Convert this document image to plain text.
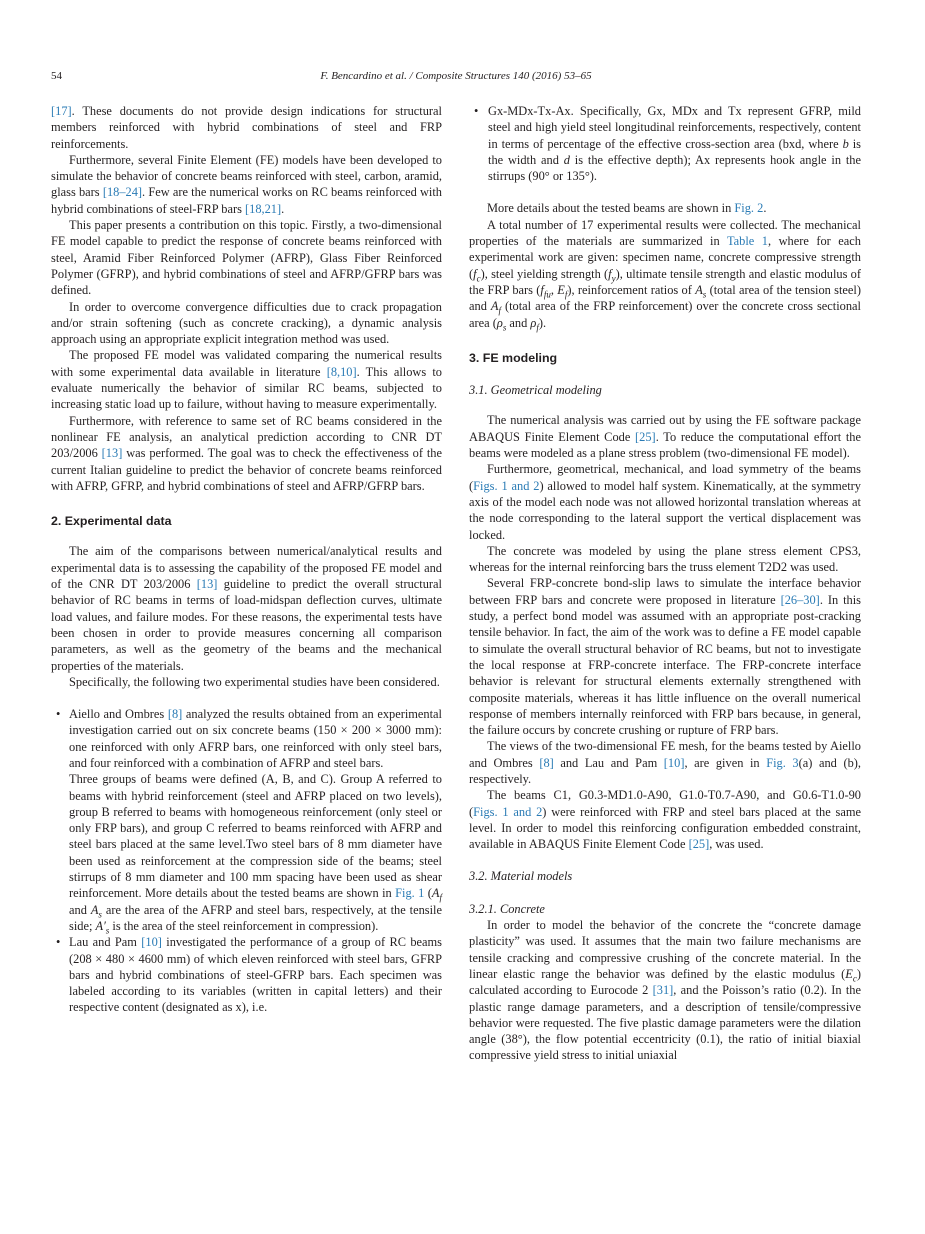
54	F. Bencardino et al. / Composite Structures 140 (2016) 53–65

[17]. These documents do not provide design indications for structural members reinforced with hybrid combinations of steel and FRP reinforcements.

Furthermore, several Finite Element (FE) models have been developed to simulate the behavior of concrete beams reinforced with steel, carbon, aramid, glass bars [18–24]. Few are the numerical works on RC beams reinforced with hybrid combinations of steel-FRP bars [18,21].

This paper presents a contribution on this topic. Firstly, a two-dimensional FE model capable to predict the response of concrete beams reinforced with steel, Aramid Fiber Reinforced Polymer (AFRP), Glass Fiber Reinforced Polymer (GFRP), and hybrid combinations of steel and AFRP/GFRP bars was defined.

In order to overcome convergence difficulties due to crack propagation and/or strain softening (such as concrete cracking), a dynamic analysis approach using an appropriate explicit integration method was used.

The proposed FE model was validated comparing the numerical results with some experimental data available in literature [8,10]. This allows to evaluate numerically the behavior of similar RC beams, subjected to increasing static load up to failure, without having to measure experimentally.

Furthermore, with reference to same set of RC beams considered in the nonlinear FE analysis, an analytical prediction according to CNR DT 203/2006 [13] was performed. The goal was to check the effectiveness of the current Italian guideline to predict the behavior of concrete beams reinforced with AFRP, GFRP, and hybrid combinations of steel and AFRP/GFRP bars.

2. Experimental data

The aim of the comparisons between numerical/analytical results and experimental data is to assessing the capability of the proposed FE model and of the CNR DT 203/2006 [13] guideline to predict the overall structural behavior of RC beams in terms of load-midspan deflection curves, ultimate load values, and failure modes. For these reasons, the experimental tests have been chosen in order to provide measures concerning all comparison parameters, as well as the geometry of the beams and the mechanical properties of the materials.

Specifically, the following two experimental studies have been considered.

• Aiello and Ombres [8] analyzed the results obtained from an experimental investigation carried out on six concrete beams (150 × 200 × 3000 mm): one reinforced with only AFRP bars, one reinforced with only steel bars, and four reinforced with a combination of AFRP and steel bars.

Three groups of beams were defined (A, B, and C). Group A referred to beams with hybrid reinforcement (steel and AFRP placed on two levels), group B referred to beams with homogeneous reinforcement (only steel or only FRP bars), and group C referred to beams reinforced with AFRP and steel bars placed at the same level.Two steel bars of 8 mm diameter have been used as reinforcement at the compression side of the beams; steel stirrups of 8 mm diameter and 100 mm spacing have been used as shear reinforcement. More details about the tested beams are shown in Fig. 1 ($A_f$ and $A_s$ are the area of the AFRP and steel bars, respectively, at the tensile side; $A'_s$ is the area of the steel reinforcement in compression).

• Lau and Pam [10] investigated the performance of a group of RC beams (208 × 480 × 4600 mm) of which eleven reinforced with steel bars, GFRP bars and hybrid combinations of steel-GFRP bars. Each specimen was labeled according to its variables (written in capital letters) and their respective content (designated as x), i.e.

• Gx-MDx-Tx-Ax. Specifically, Gx, MDx and Tx represent GFRP, mild steel and high yield steel longitudinal reinforcements, respectively, content in terms of percentage of the effective cross-section area (bxd, where b is the width and d is the effective depth); Ax represents hook angle in the stirrups (90° or 135°).

More details about the tested beams are shown in Fig. 2.

A total number of 17 experimental results were collected. The mechanical properties of the materials are summarized in Table 1, where for each experimental work are given: specimen name, concrete compressive strength $(f_c)$, steel yielding strength $(f_y)$, ultimate tensile strength and elastic modulus of the FRP bars ($f_{fu}$, $E_f$), reinforcement ratios of $A_s$ (total area of the tension steel) and $A_f$ (total area of the FRP reinforcement) over the concrete cross sectional area ($\rho_s$ and $\rho_f$).

3. FE modeling
3.1. Geometrical modeling

The numerical analysis was carried out by using the FE software package ABAQUS Finite Element Code [25]. To reduce the computational effort the beams were modeled as a plane stress problem (two-dimensional FE model).

Furthermore, geometrical, mechanical, and load symmetry of the beams (Figs. 1 and 2) allowed to model half system. Kinematically, at the symmetry axis of the model each node was not allowed horizontal translation whereas at the node corresponding to the lateral support the vertical displacement was locked.

The concrete was modeled by using the plane stress element CPS3, whereas for the internal reinforcing bars the truss element T2D2 was used.

Several FRP-concrete bond-slip laws to simulate the interface behavior between FRP bars and concrete were proposed in literature [26–30]. In this study, a perfect bond model was assumed with an appropriate post-cracking tensile behavior. In fact, the aim of the work was to define a FE model capable to simulate the overall structural behavior of RC beams, but not to investigate the local response at FRP-concrete interface. The FRP-concrete interface behavior is relevant for structural elements externally strengthened with composite materials, whereas it has little influence on the overall numerical response of members internally reinforced with FRP bars because, in general, the failure occurs by concrete crushing or rupture of FRP bars.

The views of the two-dimensional FE mesh, for the beams tested by Aiello and Ombres [8] and Lau and Pam [10], are given in Fig. 3(a) and (b), respectively.

The beams C1, G0.3-MD1.0-A90, G1.0-T0.7-A90, and G0.6-T1.0-90 (Figs. 1 and 2) were reinforced with FRP and steel bars placed at the same level. In order to model this reinforcing configuration embedded constraint, available in ABAQUS Finite Element Code [25], was used.

3.2. Material models
3.2.1. Concrete

In order to model the behavior of the concrete the “concrete damage plasticity” was used. It assumes that the main two failure mechanisms are tensile cracking and compressive crushing of the concrete material. In the linear elastic range the behavior was defined by the elastic modulus $(E_c)$ calculated according to Eurocode 2 [31], and the Poisson’s ratio (0.2). In the plastic range damage parameters, and a description of tensile/compressive behavior were requested. The five plastic damage parameters were the dilation angle (38°), the flow potential eccentricity (0.1), the ratio of initial biaxial compressive yield stress to initial uniaxial
